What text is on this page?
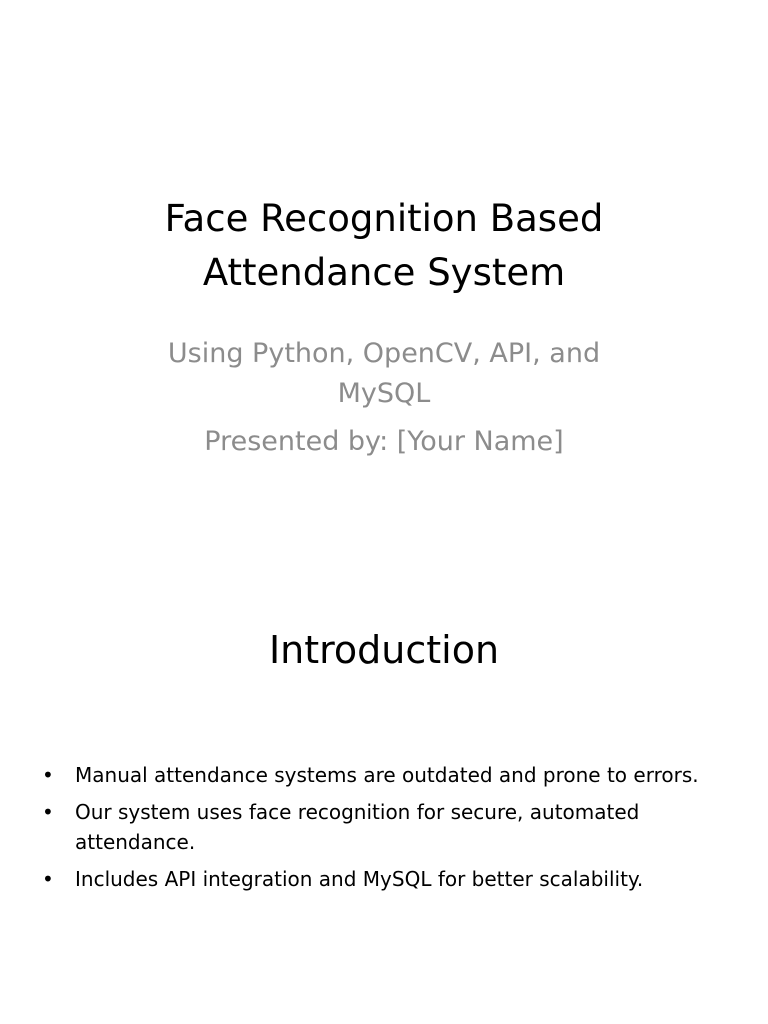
Face Recognition Based
Attendance System
Using Python, OpenCV, API, and
MySQL
Presented by: [Your Name]
Introduction
• Manual attendance systems are outdated and prone to errors.
• Our system uses face recognition for secure, automated
attendance.
• Includes API integration and MySQL for better scalability.
